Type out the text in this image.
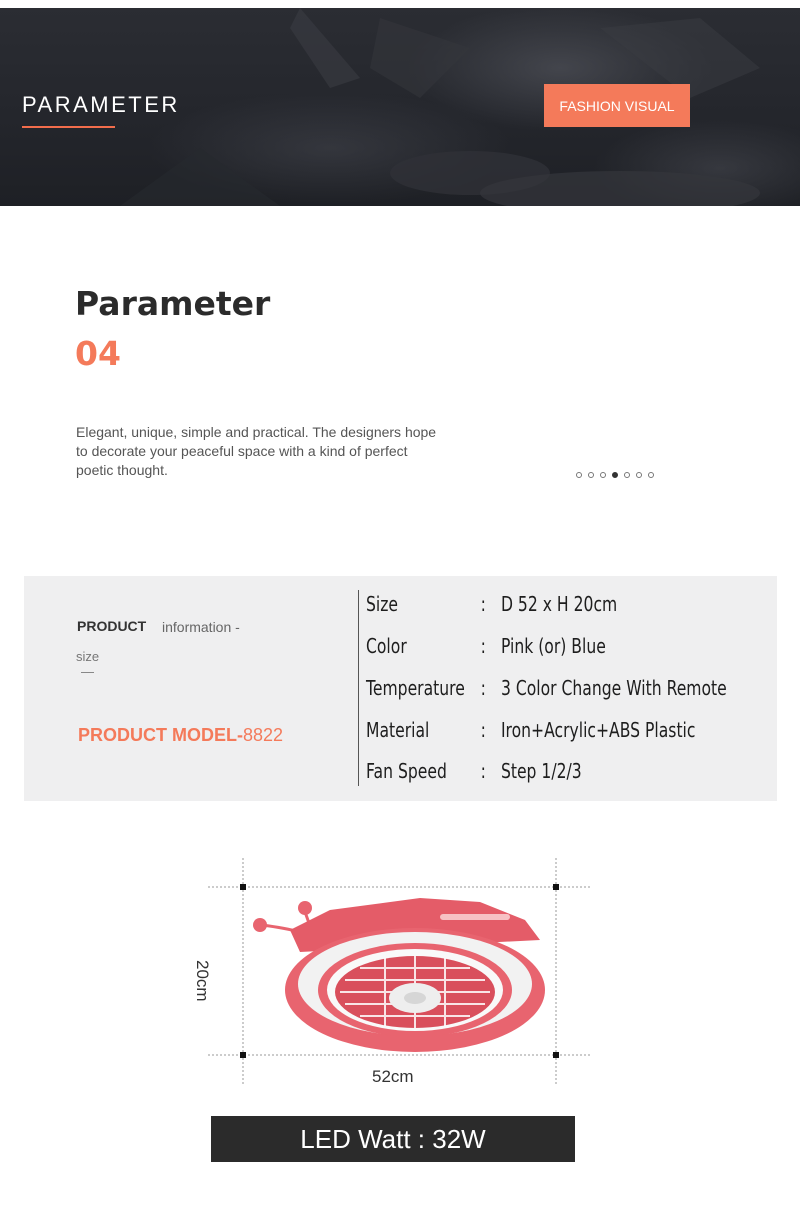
PARAMETER	FASHION VISUAL
Parameter
04

Elegant, unique, simple and practical. The designers hope to decorate your peaceful space with a kind of perfect poetic thought.

PRODUCT information -
size
PRODUCT MODEL-8822
Size	: D 52 x H 20cm
Color	: Pink (or) Blue
Temperature : 3 Color Change With Remote
Material	: Iron+Acrylic+ABS Plastic
Fan Speed : Step 1/2/3
20cm
52cm
LED Watt : 32W
